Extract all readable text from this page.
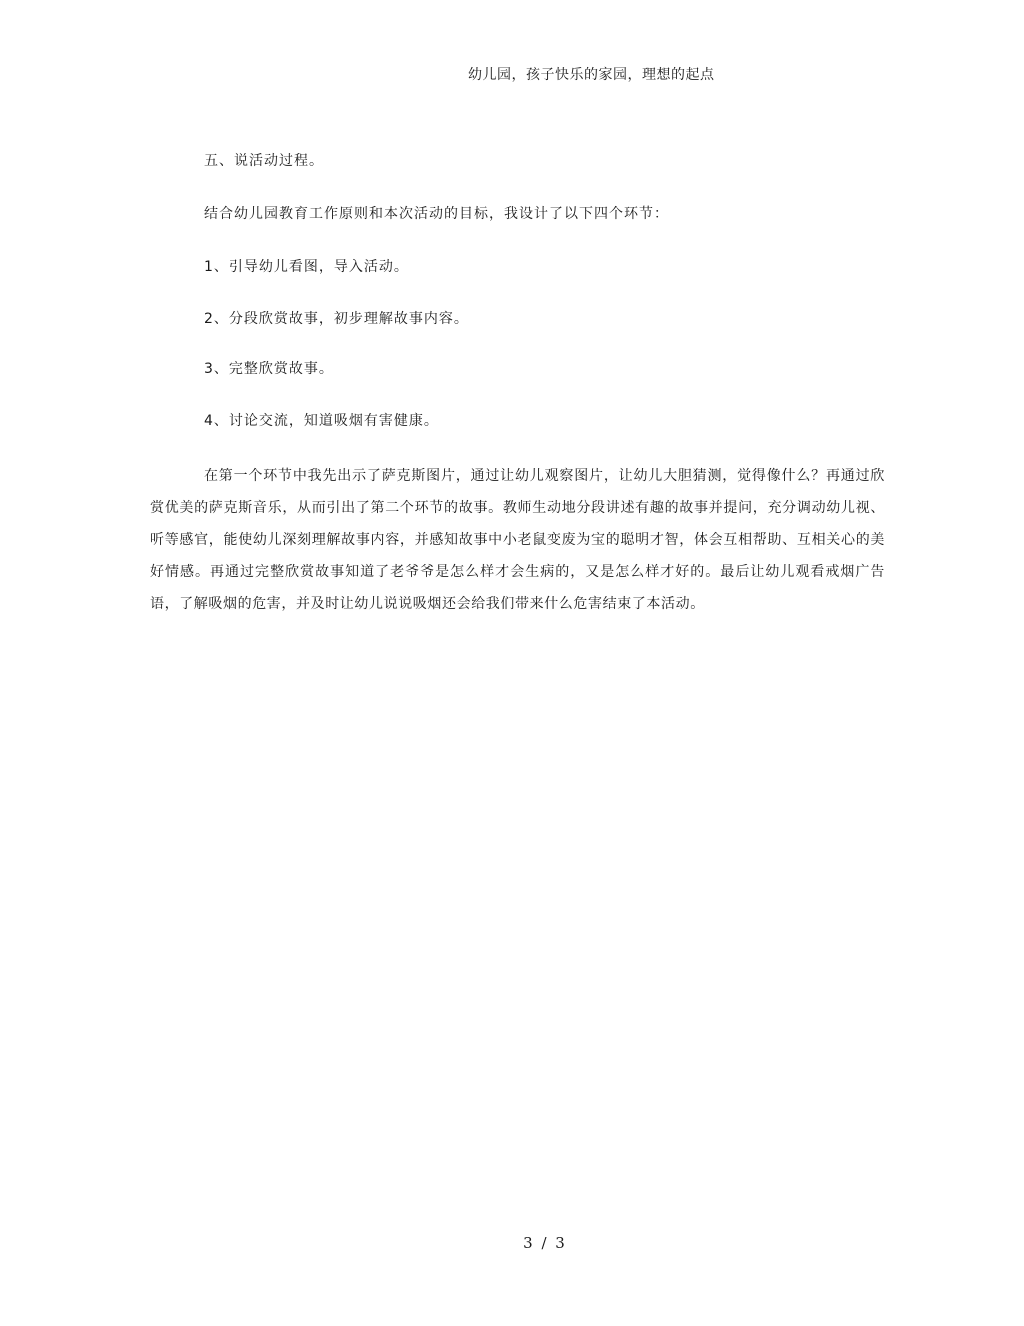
幼儿园，孩子快乐的家园，理想的起点
五、说活动过程。
结合幼儿园教育工作原则和本次活动的目标，我设计了以下四个环节：
1、引导幼儿看图，导入活动。
2、分段欣赏故事，初步理解故事内容。
3、完整欣赏故事。
4、讨论交流，知道吸烟有害健康。
在第一个环节中我先出示了萨克斯图片，通过让幼儿观察图片，让幼儿大胆猜测，觉得像什么？再通过欣赏优美的萨克斯音乐，从而引出了第二个环节的故事。教师生动地分段讲述有趣的故事并提问，充分调动幼儿视、听等感官，能使幼儿深刻理解故事内容，并感知故事中小老鼠变废为宝的聪明才智，体会互相帮助、互相关心的美好情感。再通过完整欣赏故事知道了老爷爷是怎么样才会生病的，又是怎么样才好的。最后让幼儿观看戒烟广告语，了解吸烟的危害，并及时让幼儿说说吸烟还会给我们带来什么危害结束了本活动。
3 / 3
